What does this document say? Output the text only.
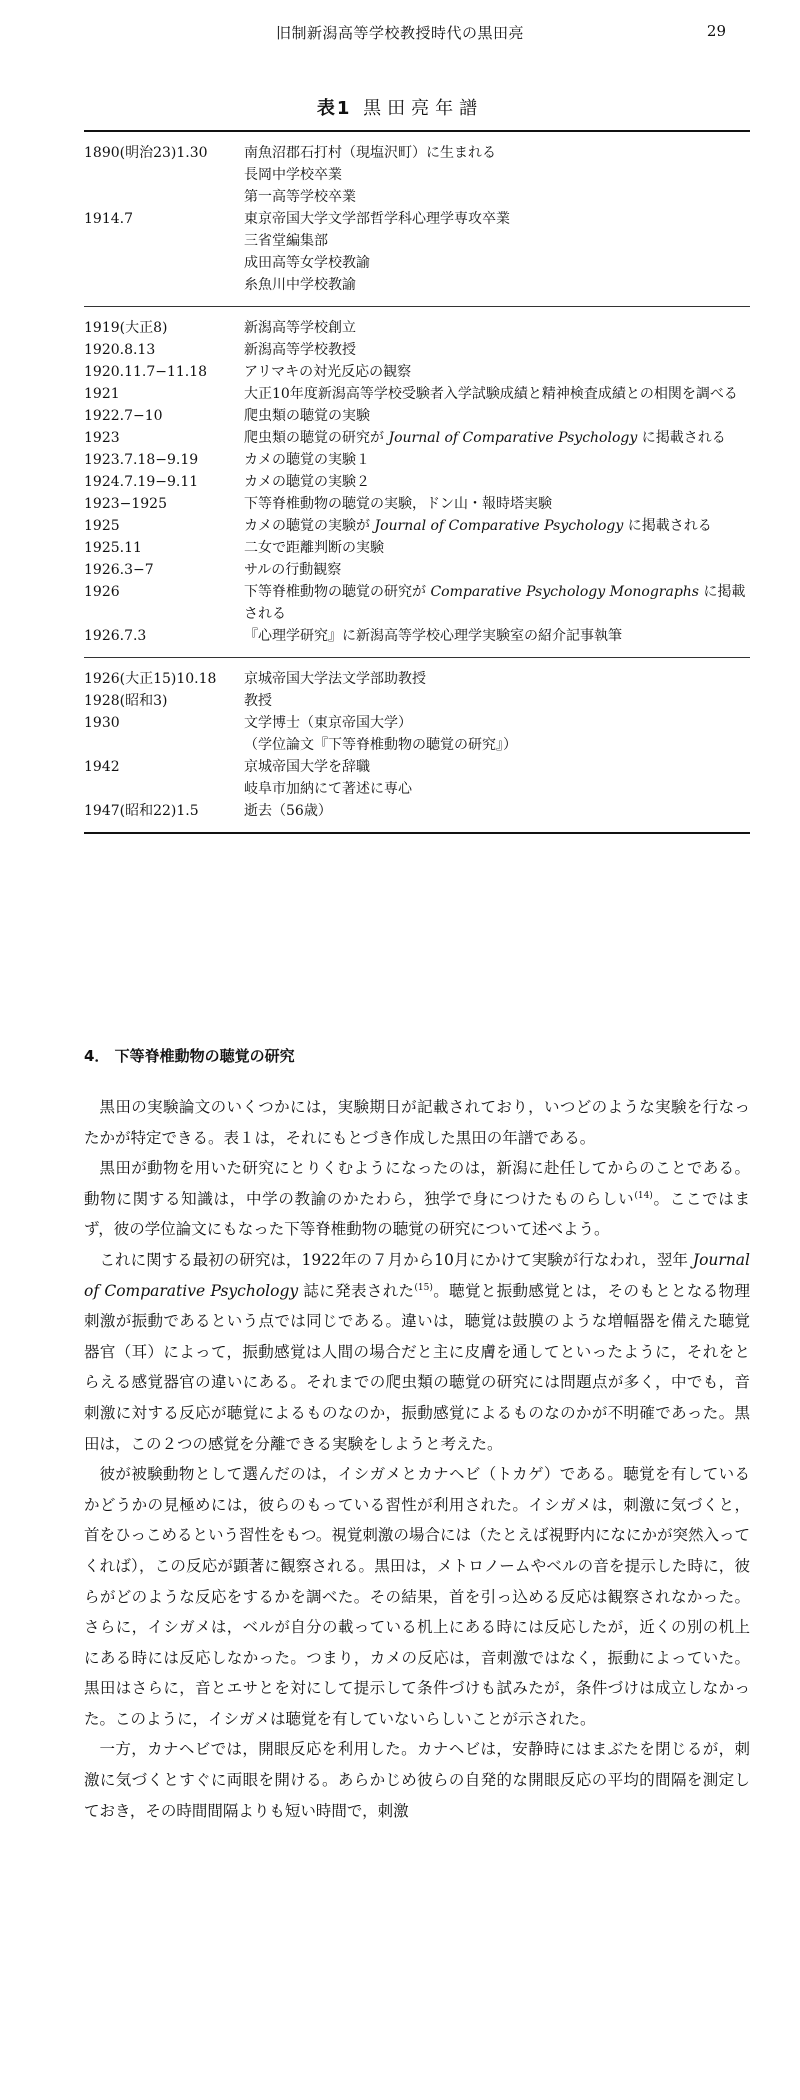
旧制新潟高等学校教授時代の黒田亮	29
表1 黒田亮年譜
1890(明治23)1.30	南魚沼郡石打村（現塩沢町）に生まれる
長岡中学校卒業
第一高等学校卒業
1914.7	東京帝国大学文学部哲学科心理学専攻卒業
三省堂編集部
成田高等女学校教諭
糸魚川中学校教諭
1919(大正8)	新潟高等学校創立
1920.8.13	新潟高等学校教授
1920.11.7−11.18	アリマキの対光反応の観察
1921	大正10年度新潟高等学校受験者入学試験成績と精神検査成績との相関を調べる
1922.7−10	爬虫類の聴覚の実験
1923	爬虫類の聴覚の研究が Journal of Comparative Psychology に掲載される
1923.7.18−9.19	カメの聴覚の実験１
1924.7.19−9.11	カメの聴覚の実験２
1923−1925	下等脊椎動物の聴覚の実験，ドン山・報時塔実験
1925	カメの聴覚の実験が Journal of Comparative Psychology に掲載される
1925.11	二女で距離判断の実験
1926.3−7	サルの行動観察
1926	下等脊椎動物の聴覚の研究が Comparative Psychology Monographs に掲載される
1926.7.3	『心理学研究』に新潟高等学校心理学実験室の紹介記事執筆
1926(大正15)10.18	京城帝国大学法文学部助教授
1928(昭和3)	教授
1930	文学博士（東京帝国大学）
（学位論文『下等脊椎動物の聴覚の研究』）
1942	京城帝国大学を辞職
岐阜市加納にて著述に専心
1947(昭和22)1.5	逝去（56歳）
4． 下等脊椎動物の聴覚の研究

黒田の実験論文のいくつかには，実験期日が記載されており，いつどのような実験を行なったかが特定できる。表１は，それにもとづき作成した黒田の年譜である。

黒田が動物を用いた研究にとりくむようになったのは，新潟に赴任してからのことである。動物に関する知識は，中学の教諭のかたわら，独学で身につけたものらしい$^{(14)}$。ここではまず，彼の学位論文にもなった下等脊椎動物の聴覚の研究について述べよう。

これに関する最初の研究は，1922年の７月から10月にかけて実験が行なわれ，翌年 Journal of Comparative Psychology 誌に発表された$^{(15)}$。聴覚と振動感覚とは，そのもととなる物理刺激が振動であるという点では同じである。違いは，聴覚は鼓膜のような増幅器を備えた聴覚器官（耳）によって，振動感覚は人間の場合だと主に皮膚を通してといったように，それをとらえる感覚器官の違いにある。それまでの爬虫類の聴覚の研究には問題点が多く，中でも，音刺激に対する反応が聴覚によるものなのか，振動感覚によるものなのかが不明確であった。黒田は，この２つの感覚を分離できる実験をしようと考えた。

彼が被験動物として選んだのは，イシガメとカナヘビ（トカゲ）である。聴覚を有しているかどうかの見極めには，彼らのもっている習性が利用された。イシガメは，刺激に気づくと，首をひっこめるという習性をもつ。視覚刺激の場合には（たとえば視野内になにかが突然入ってくれば），この反応が顕著に観察される。黒田は，メトロノームやベルの音を提示した時に，彼らがどのような反応をするかを調べた。その結果，首を引っ込める反応は観察されなかった。さらに，イシガメは，ベルが自分の載っている机上にある時には反応したが，近くの別の机上にある時には反応しなかった。つまり，カメの反応は，音刺激ではなく，振動によっていた。黒田はさらに，音とエサとを対にして提示して条件づけも試みたが，条件づけは成立しなかった。このように，イシガメは聴覚を有していないらしいことが示された。

一方，カナヘビでは，開眼反応を利用した。カナヘビは，安静時にはまぶたを閉じるが，刺激に気づくとすぐに両眼を開ける。あらかじめ彼らの自発的な開眼反応の平均的間隔を測定しておき，その時間間隔よりも短い時間で，刺激
